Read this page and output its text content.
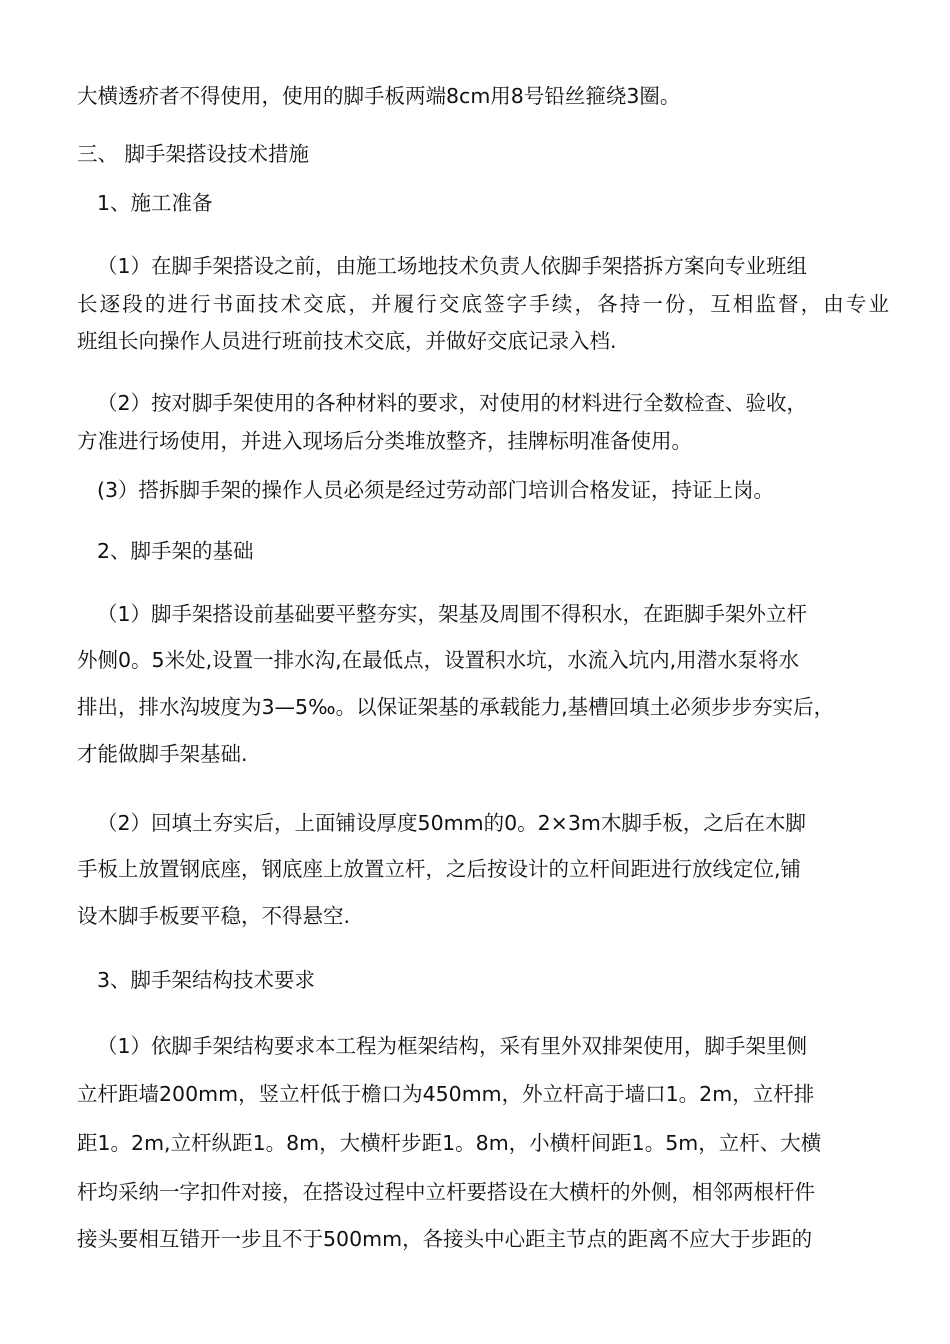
大横透疥者不得使用，使用的脚手板两端8cm用8号铅丝箍绕3圈。
三、 脚手架搭设技术措施
1、施工准备
（1）在脚手架搭设之前，由施工场地技术负责人依脚手架搭拆方案向专业班组
长逐段的进行书面技术交底，并履行交底签字手续，各持一份，互相监督，由专业
班组长向操作人员进行班前技术交底，并做好交底记录入档.
（2）按对脚手架使用的各种材料的要求，对使用的材料进行全数检查、验收，
方准进行场使用，并进入现场后分类堆放整齐，挂牌标明准备使用。
(3）搭拆脚手架的操作人员必须是经过劳动部门培训合格发证，持证上岗。
2、脚手架的基础
（1）脚手架搭设前基础要平整夯实，架基及周围不得积水，在距脚手架外立杆
外侧0。5米处,设置一排水沟,在最低点，设置积水坑，水流入坑内,用潜水泵将水
排出，排水沟坡度为3—5‰。以保证架基的承载能力,基槽回填土必须步步夯实后，
才能做脚手架基础.
（2）回填土夯实后，上面铺设厚度50mm的0。2×3m木脚手板，之后在木脚
手板上放置钢底座，钢底座上放置立杆，之后按设计的立杆间距进行放线定位,铺
设木脚手板要平稳，不得悬空.
3、脚手架结构技术要求
（1）依脚手架结构要求本工程为框架结构，采有里外双排架使用，脚手架里侧
立杆距墙200mm，竖立杆低于檐口为450mm，外立杆高于墙口1。2m，立杆排
距1。2m,立杆纵距1。8m，大横杆步距1。8m，小横杆间距1。5m，立杆、大横
杆均采纳一字扣件对接，在搭设过程中立杆要搭设在大横杆的外侧，相邻两根杆件
接头要相互错开一步且不于500mm，各接头中心距主节点的距离不应大于步距的
